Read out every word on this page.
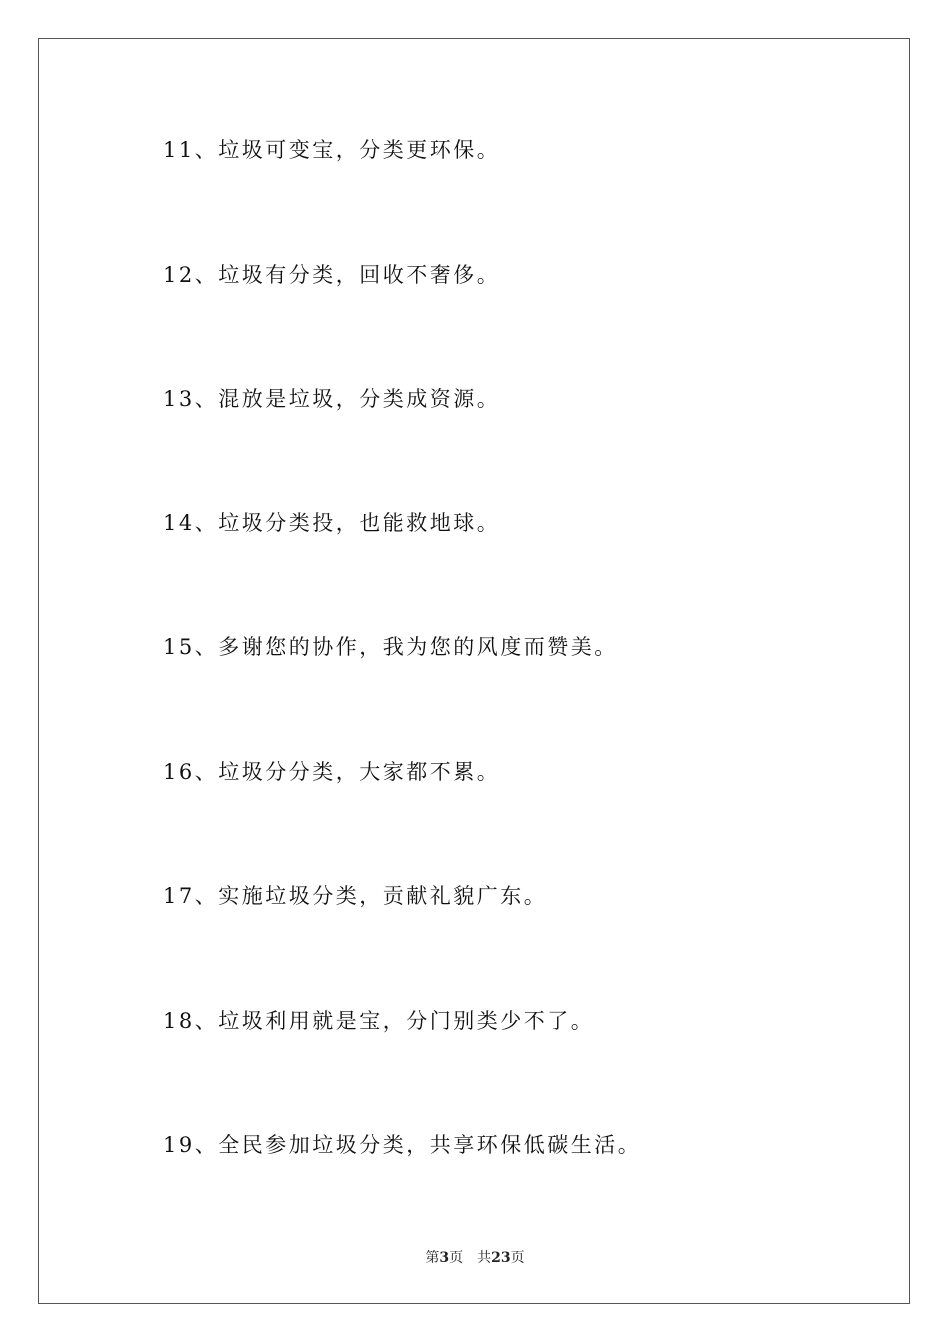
11、垃圾可变宝，分类更环保。
12、垃圾有分类，回收不奢侈。
13、混放是垃圾，分类成资源。
14、垃圾分类投，也能救地球。
15、多谢您的协作，我为您的风度而赞美。
16、垃圾分分类，大家都不累。
17、实施垃圾分类，贡献礼貌广东。
18、垃圾利用就是宝，分门别类少不了。
19、全民参加垃圾分类，共享环保低碳生活。
第3页 共23页
